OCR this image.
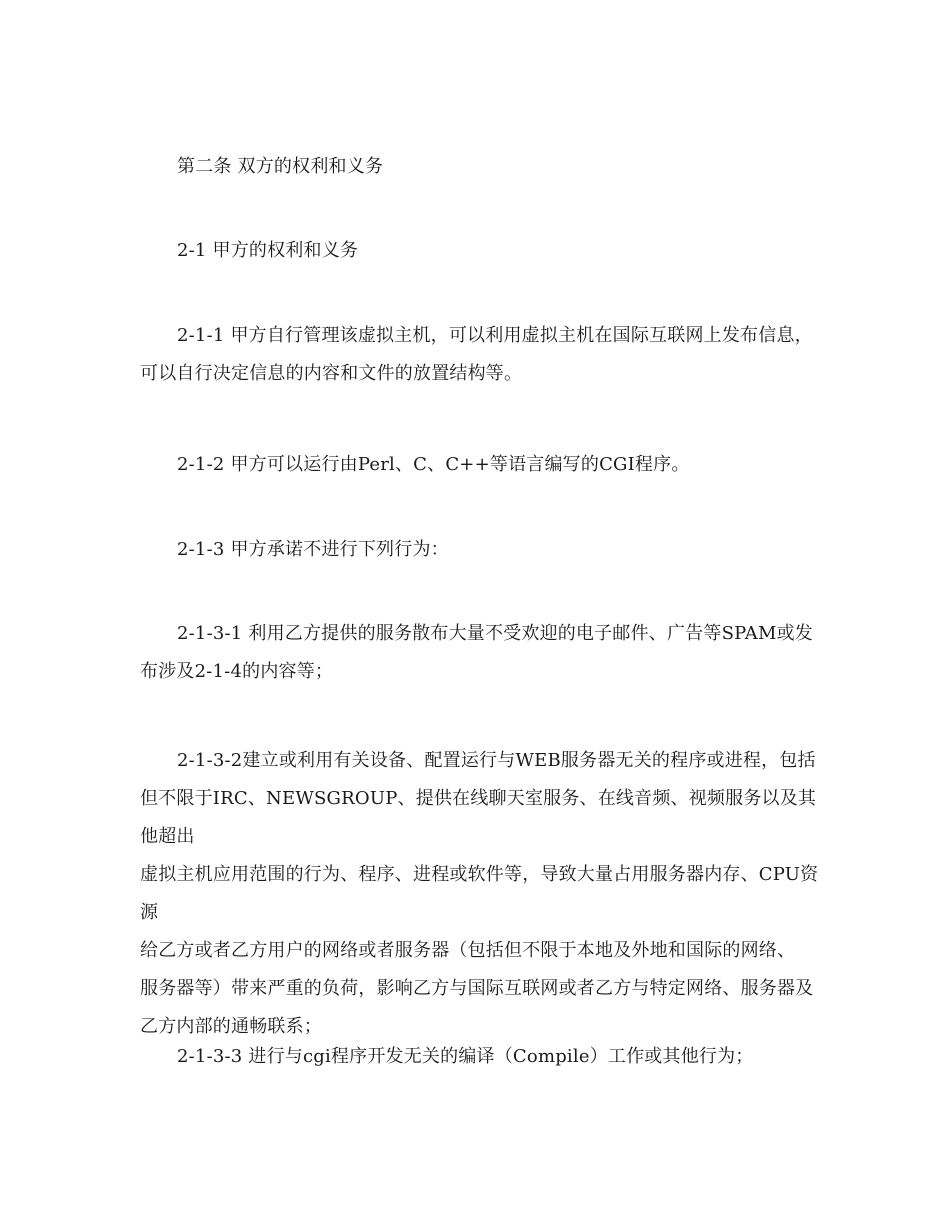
第二条 双方的权利和义务
2-1 甲方的权利和义务
2-1-1 甲方自行管理该虚拟主机，可以利用虚拟主机在国际互联网上发布信息，
可以自行决定信息的内容和文件的放置结构等。
2-1-2 甲方可以运行由Perl、C、C++等语言编写的CGI程序。
2-1-3 甲方承诺不进行下列行为：
2-1-3-1 利用乙方提供的服务散布大量不受欢迎的电子邮件、广告等SPAM或发
布涉及2-1-4的内容等；
2-1-3-2建立或利用有关设备、配置运行与WEB服务器无关的程序或进程，包括
但不限于IRC、NEWSGROUP、提供在线聊天室服务、在线音频、视频服务以及其他超出
虚拟主机应用范围的行为、程序、进程或软件等，导致大量占用服务器内存、CPU资源
给乙方或者乙方用户的网络或者服务器（包括但不限于本地及外地和国际的网络、
服务器等）带来严重的负荷，影响乙方与国际互联网或者乙方与特定网络、服务器及
乙方内部的通畅联系；
2-1-3-3 进行与cgi程序开发无关的编译（Compile）工作或其他行为；
